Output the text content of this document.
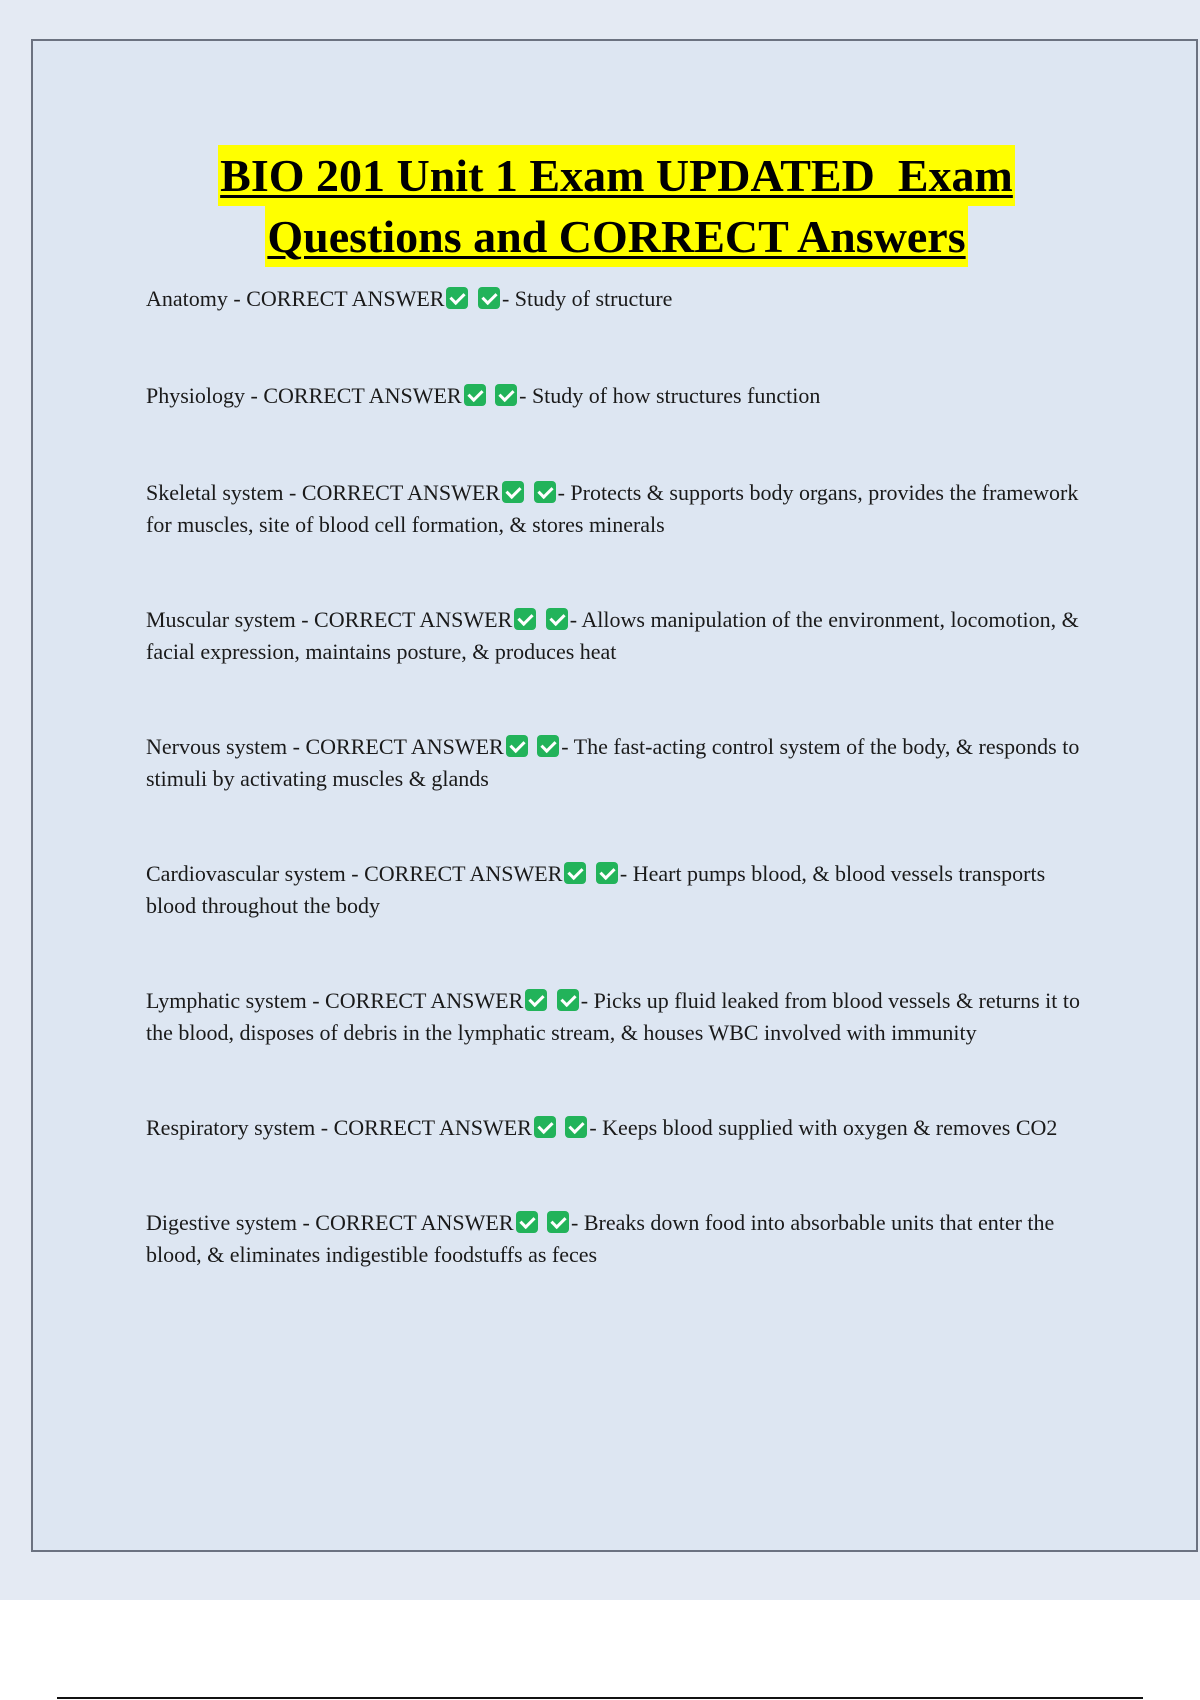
BIO 201 Unit 1 Exam UPDATED  Exam
Questions and CORRECT Answers

Anatomy - CORRECT ANSWER	- Study of structure

Physiology - CORRECT ANSWER	- Study of how structures function

Skeletal system - CORRECT ANSWER	- Protects & supports body organs, provides the framework for muscles, site of blood cell formation, & stores minerals

Muscular system - CORRECT ANSWER	- Allows manipulation of the environment, locomotion, & facial expression, maintains posture, & produces heat

Nervous system - CORRECT ANSWER	- The fast-acting control system of the body, & responds to stimuli by activating muscles & glands

Cardiovascular system - CORRECT ANSWER	- Heart pumps blood, & blood vessels transports blood throughout the body

Lymphatic system - CORRECT ANSWER	- Picks up fluid leaked from blood vessels & returns it to the blood, disposes of debris in the lymphatic stream, & houses WBC involved with immunity

Respiratory system - CORRECT ANSWER	- Keeps blood supplied with oxygen & removes CO2

Digestive system - CORRECT ANSWER	- Breaks down food into absorbable units that enter the blood, & eliminates indigestible foodstuffs as feces
